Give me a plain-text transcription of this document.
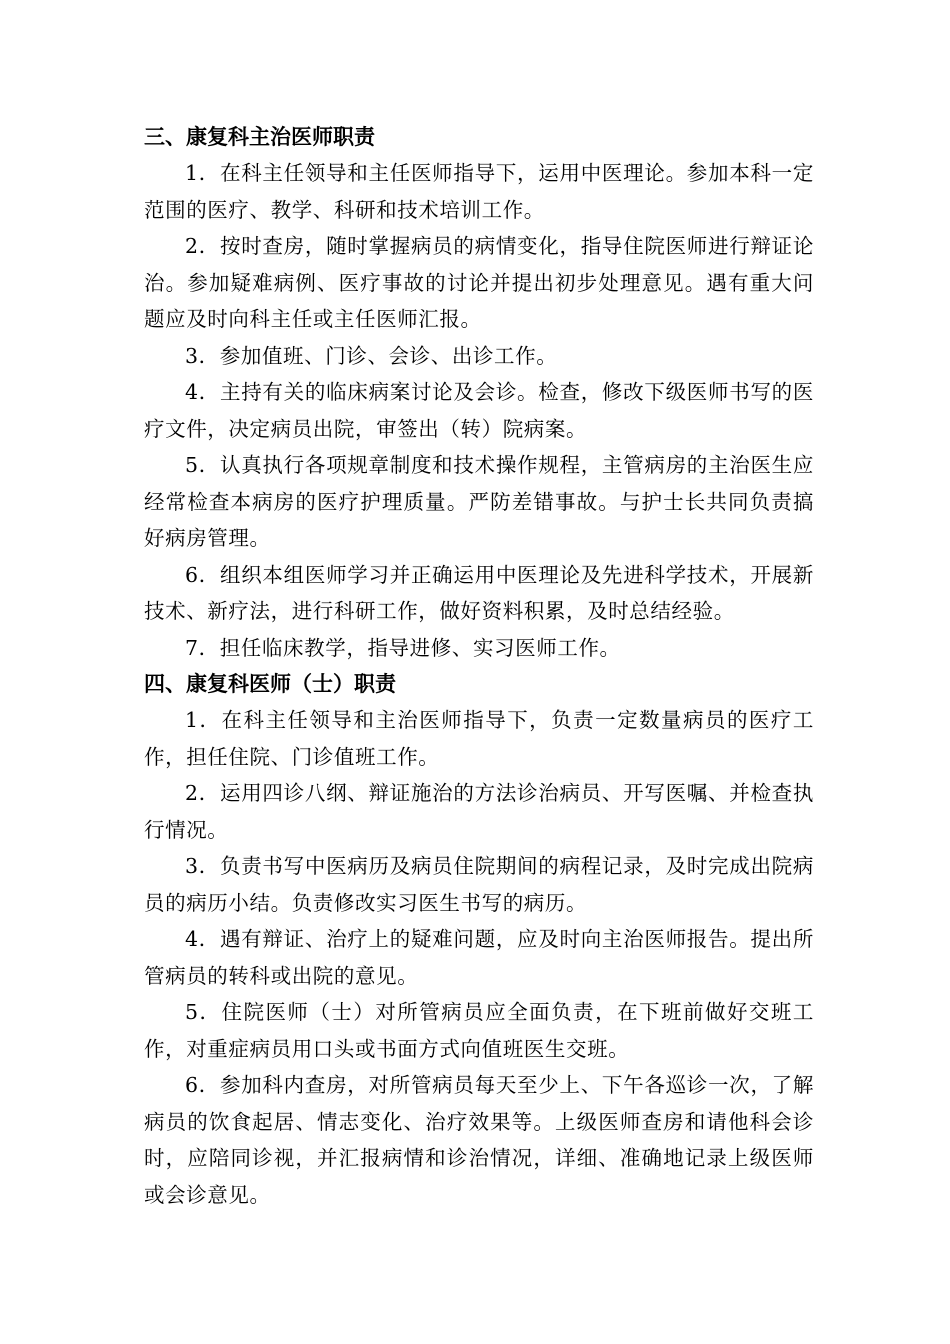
三、康复科主治医师职责

1．在科主任领导和主任医师指导下，运用中医理论。参加本科一定范围的医疗、教学、科研和技术培训工作。

2．按时查房，随时掌握病员的病情变化，指导住院医师进行辩证论治。参加疑难病例、医疗事故的讨论并提出初步处理意见。遇有重大问题应及时向科主任或主任医师汇报。

3．参加值班、门诊、会诊、出诊工作。

4．主持有关的临床病案讨论及会诊。检查，修改下级医师书写的医疗文件，决定病员出院，审签出（转）院病案。

5．认真执行各项规章制度和技术操作规程，主管病房的主治医生应经常检查本病房的医疗护理质量。严防差错事故。与护士长共同负责搞好病房管理。

6．组织本组医师学习并正确运用中医理论及先进科学技术，开展新技术、新疗法，进行科研工作，做好资料积累，及时总结经验。

7．担任临床教学，指导进修、实习医师工作。

四、康复科医师（士）职责

1．在科主任领导和主治医师指导下，负责一定数量病员的医疗工作，担任住院、门诊值班工作。

2．运用四诊八纲、辩证施治的方法诊治病员、开写医嘱、并检查执行情况。

3．负责书写中医病历及病员住院期间的病程记录，及时完成出院病员的病历小结。负责修改实习医生书写的病历。

4．遇有辩证、治疗上的疑难问题，应及时向主治医师报告。提出所管病员的转科或出院的意见。

5．住院医师（士）对所管病员应全面负责，在下班前做好交班工作，对重症病员用口头或书面方式向值班医生交班。

6．参加科内查房，对所管病员每天至少上、下午各巡诊一次，了解病员的饮食起居、情志变化、治疗效果等。上级医师查房和请他科会诊时，应陪同诊视，并汇报病情和诊治情况，详细、准确地记录上级医师或会诊意见。
